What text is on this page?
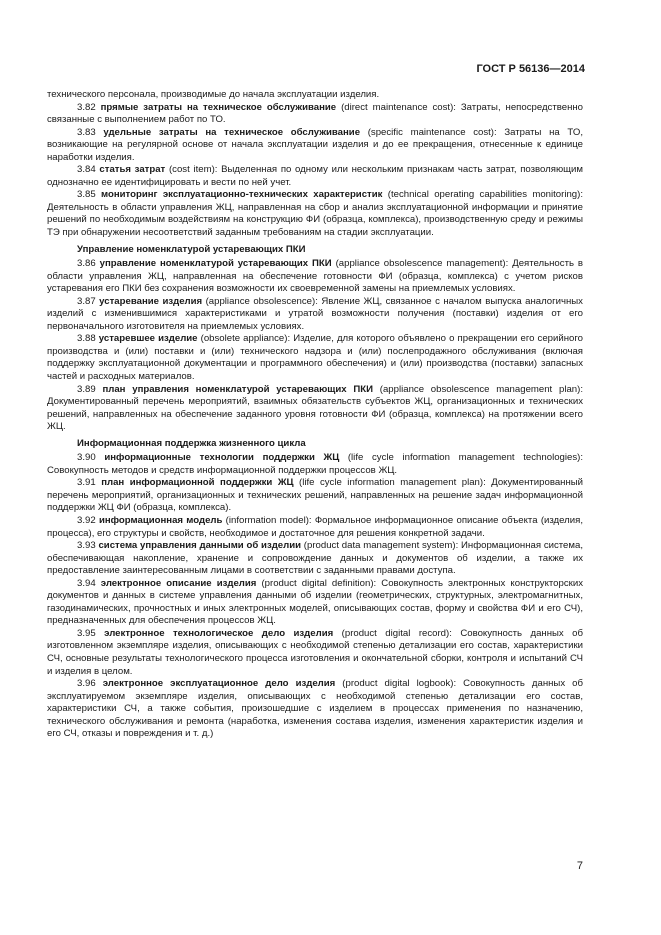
ГОСТ Р 56136—2014

технического персонала, производимые до начала эксплуатации изделия.

3.82 прямые затраты на техническое обслуживание (direct maintenance cost): Затраты, непосредственно связанные с выполнением работ по ТО.

3.83 удельные затраты на техническое обслуживание (specific maintenance cost): Затраты на ТО, возникающие на регулярной основе от начала эксплуатации изделия и до ее прекращения, отнесенные к единице наработки изделия.

3.84 статья затрат (cost item): Выделенная по одному или нескольким признакам часть затрат, позволяющим однозначно ее идентифицировать и вести по ней учет.

3.85 мониторинг эксплуатационно-технических характеристик (technical operating capabilities monitoring): Деятельность в области управления ЖЦ, направленная на сбор и анализ эксплуатационной информации и принятие решений по необходимым воздействиям на конструкцию ФИ (образца, комплекса), производственную среду и режимы ТЭ при обнаружении несоответствий заданным требованиям на стадии эксплуатации.

Управление номенклатурой устаревающих ПКИ

3.86 управление номенклатурой устаревающих ПКИ (appliance obsolescence management): Деятельность в области управления ЖЦ, направленная на обеспечение готовности ФИ (образца, комплекса) с учетом рисков устаревания его ПКИ без сохранения возможности их своевременной замены на приемлемых условиях.

3.87 устаревание изделия (appliance obsolescence): Явление ЖЦ, связанное с началом выпуска аналогичных изделий с изменившимися характеристиками и утратой возможности получения (поставки) изделия от его первоначального изготовителя на приемлемых условиях.

3.88 устаревшее изделие (obsolete appliance): Изделие, для которого объявлено о прекращении его серийного производства и (или) поставки и (или) технического надзора и (или) послепродажного обслуживания (включая поддержку эксплуатационной документации и программного обеспечения) и (или) производства (поставки) запасных частей и расходных материалов.

3.89 план управления номенклатурой устаревающих ПКИ (appliance obsolescence management plan): Документированный перечень мероприятий, взаимных обязательств субъектов ЖЦ, организационных и технических решений, направленных на обеспечение заданного уровня готовности ФИ (образца, комплекса) на протяжении всего ЖЦ.

Информационная поддержка жизненного цикла

3.90 информационные технологии поддержки ЖЦ (life cycle information management technologies): Совокупность методов и средств информационной поддержки процессов ЖЦ.

3.91 план информационной поддержки ЖЦ (life cycle information management plan): Документированный перечень мероприятий, организационных и технических решений, направленных на решение задач информационной поддержки ЖЦ ФИ (образца, комплекса).

3.92 информационная модель (information model): Формальное информационное описание объекта (изделия, процесса), его структуры и свойств, необходимое и достаточное для решения конкретной задачи.

3.93 система управления данными об изделии (product data management system): Информационная система, обеспечивающая накопление, хранение и сопровождение данных и документов об изделии, а также их предоставление заинтересованным лицами в соответствии с заданными правами доступа.

3.94 электронное описание изделия (product digital definition): Совокупность электронных конструкторских документов и данных в системе управления данными об изделии (геометрических, структурных, электромагнитных, газодинамических, прочностных и иных электронных моделей, описывающих состав, форму и свойства ФИ и его СЧ), предназначенных для обеспечения процессов ЖЦ.

3.95 электронное технологическое дело изделия (product digital record): Совокупность данных об изготовленном экземпляре изделия, описывающих с необходимой степенью детализации его состав, характеристики СЧ, основные результаты технологического процесса изготовления и окончательной сборки, контроля и испытаний СЧ и изделия в целом.

3.96 электронное эксплуатационное дело изделия (product digital logbook): Совокупность данных об эксплуатируемом экземпляре изделия, описывающих с необходимой степенью детализации его состав, характеристики СЧ, а также события, произошедшие с изделием в процессах применения по назначению, технического обслуживания и ремонта (наработка, изменения состава изделия, изменения характеристик изделия и его СЧ, отказы и повреждения и т. д.)

7
